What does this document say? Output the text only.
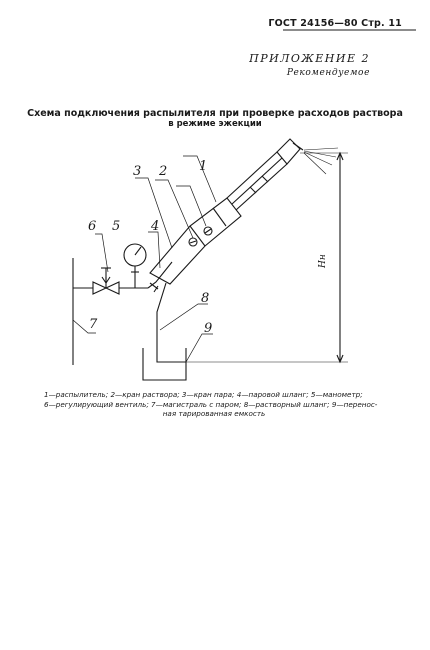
ГОСТ 24156—80 Стр. 11
ПРИЛОЖЕНИЕ 2
Рекомендуемое
Схема подключения распылителя при проверке расходов раствора
в режиме эжекции
1
2
3
4
5
6
7
8
9
Hн
1—распылитель; 2—кран раствора; 3—кран пара; 4—паровой шланг; 5—манометр;
6—регулирующий вентиль; 7—магистраль с паром; 8—растворный шланг; 9—перенос-

ная тарированная емкость
